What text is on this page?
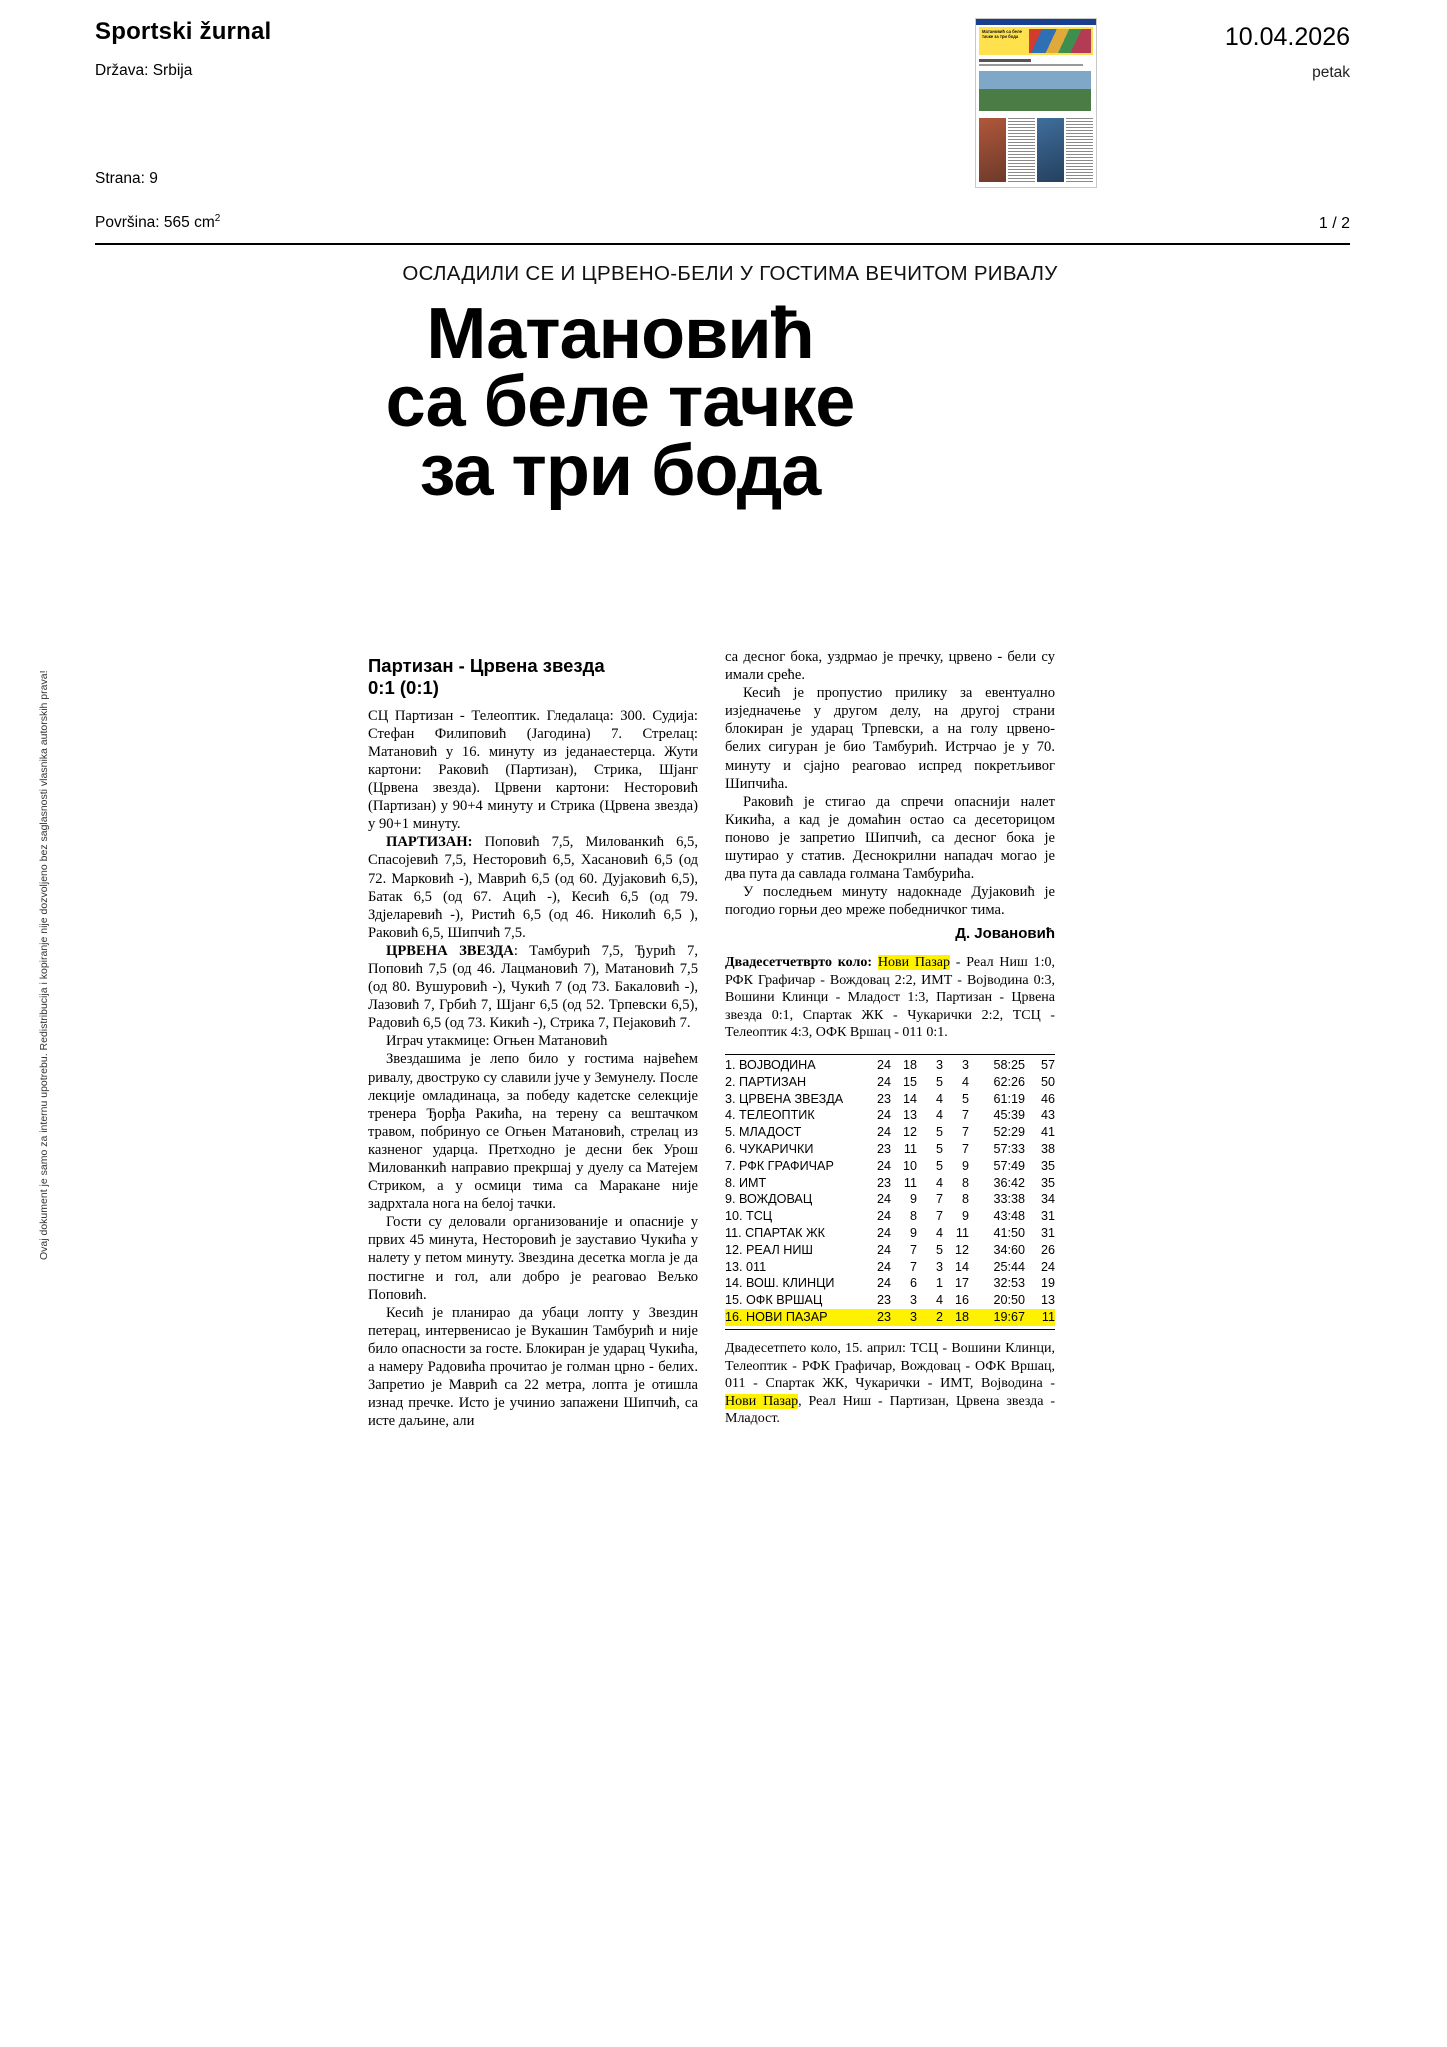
Sportski žurnal
Država: Srbija
Strana: 9
Površina: 565 $cm^2$
10.04.2026
petak
1 / 2
Матановић са беле тачке за три бода
Ovaj dokument je samo za internu upotrebu. Redistribucija i kopiranje nije dozvoljeno bez saglasnosti vlasnika autorskih prava!
ОСЛАДИЛИ СЕ И ЦРВЕНО-БЕЛИ У ГОСТИМА ВЕЧИТОМ РИВАЛУ
Матановић
са беле тачке
за три бода
Партизан - Црвена звезда
0:1 (0:1)

СЦ Партизан - Телеоптик. Гледалаца: 300. Судија: Стефан Филиповић (Јагодина) 7. Стрелац: Матановић у 16. минуту из једанаестерца. Жути картони: Раковић (Партизан), Стрика, Шјанг (Црвена звезда). Црвени картони: Несторовић (Партизан) у 90+4 минуту и Стрика (Црвена звезда) у 90+1 минуту.

ПАРТИЗАН: Поповић 7,5, Милованкић 6,5, Спасојевић 7,5, Несторовић 6,5, Хасановић 6,5 (од 72. Марковић -), Маврић 6,5 (од 60. Дујаковић 6,5), Батак 6,5 (од 67. Ацић -), Кесић 6,5 (од 79. Здјеларевић -), Ристић 6,5 (од 46. Николић 6,5 ), Раковић 6,5, Шипчић 7,5.

ЦРВЕНА ЗВЕЗДА: Тамбурић 7,5, Ђурић 7, Поповић 7,5 (од 46. Лацмановић 7), Матановић 7,5 (од 80. Вушуровић -), Чукић 7 (од 73. Бакаловић -), Лазовић 7, Грбић 7, Шјанг 6,5 (од 52. Трпевски 6,5), Радовић 6,5 (од 73. Кикић -), Стрика 7, Пејаковић 7.

Играч утакмице: Огњен Матановић

Звездашима је лепо било у гостима највећем ривалу, двоструко су славили јуче у Земунелу. После лекције омладинаца, за победу кадетске селекције тренера Ђорђа Ракића, на терену са вештачком травом, побринуо се Огњен Матановић, стрелац из казненог ударца. Претходно је десни бек Урош Милованкић направио прекршај у дуелу са Матејем Стриком, а у осмици тима са Маракане није задрхтала нога на белој тачки.

Гости су деловали организованије и опасније у првих 45 минута, Несторовић је зауставио Чукића у налету у петом минуту. Звездина десетка могла је да постигне и гол, али добро је реаговао Вељко Поповић.

Кесић је планирао да убаци лопту у Звездин петерац, интервенисао је Вукашин Тамбурић и није било опасности за госте. Блокиран је ударац Чукића, а намеру Радовића прочитао је голман црно - белих. Запретио је Маврић са 22 метра, лопта је отишла изнад пречке. Исто је учинио запажени Шипчић, са исте даљине, али

са десног бока, уздрмао је пречку, црвено - бели су имали среће.

Кесић је пропустио прилику за евентуално изједначење у другом делу, на другој страни блокиран је ударац Трпевски, а на голу црвено-белих сигуран је био Тамбурић. Истрчао је у 70. минуту и сјајно реаговао испред покретљивог Шипчића.

Раковић је стигао да спречи опаснији налет Кикића, а кад је домаћин остао са десеторицом поново је запретио Шипчић, са десног бока је шутирао у статив. Деснокрилни нападач могао је два пута да савлада голмана Тамбурића.

У последњем минуту надокнаде Дујаковић је погодио горњи део мреже победничког тима.

Д. Јовановић
Двадесетчетврто коло: Нови Пазар - Реал Ниш 1:0, РФК Графичар - Вождовац 2:2, ИМТ - Војводина 0:3, Вошини Клинци - Младост 1:3, Партизан - Црвена звезда 0:1, Спартак ЖК - Чукарички 2:2, ТСЦ - Телеоптик 4:3, ОФК Вршац - 011 0:1.
1. ВОЈВОДИНА	24	18	3	3	58:25	57
2. ПАРТИЗАН	24	15	5	4	62:26	50
3. ЦРВЕНА ЗВЕЗДА	23	14	4	5	61:19	46
4. ТЕЛЕОПТИК	24	13	4	7	45:39	43
5. МЛАДОСТ	24	12	5	7	52:29	41
6. ЧУКАРИЧКИ	23	11	5	7	57:33	38
7. РФК ГРАФИЧАР	24	10	5	9	57:49	35
8. ИМТ	23	11	4	8	36:42	35
9. ВОЖДОВАЦ	24	9	7	8	33:38	34
10. ТСЦ	24	8	7	9	43:48	31
11. СПАРТАК ЖК	24	9	4	11	41:50	31
12. РЕАЛ НИШ	24	7	5	12	34:60	26
13. 011	24	7	3	14	25:44	24
14. ВОШ. КЛИНЦИ	24	6	1	17	32:53	19
15. ОФК ВРШАЦ	23	3	4	16	20:50	13
16. НОВИ ПАЗАР	23	3	2	18	19:67	11
Двадесетпето коло, 15. април: ТСЦ - Вошини Клинци, Телеоптик - РФК Графичар, Вождовац - ОФК Вршац, 011 - Спартак ЖК, Чукарички - ИМТ, Војводина - Нови Пазар, Реал Ниш - Партизан, Црвена звезда - Младост.
